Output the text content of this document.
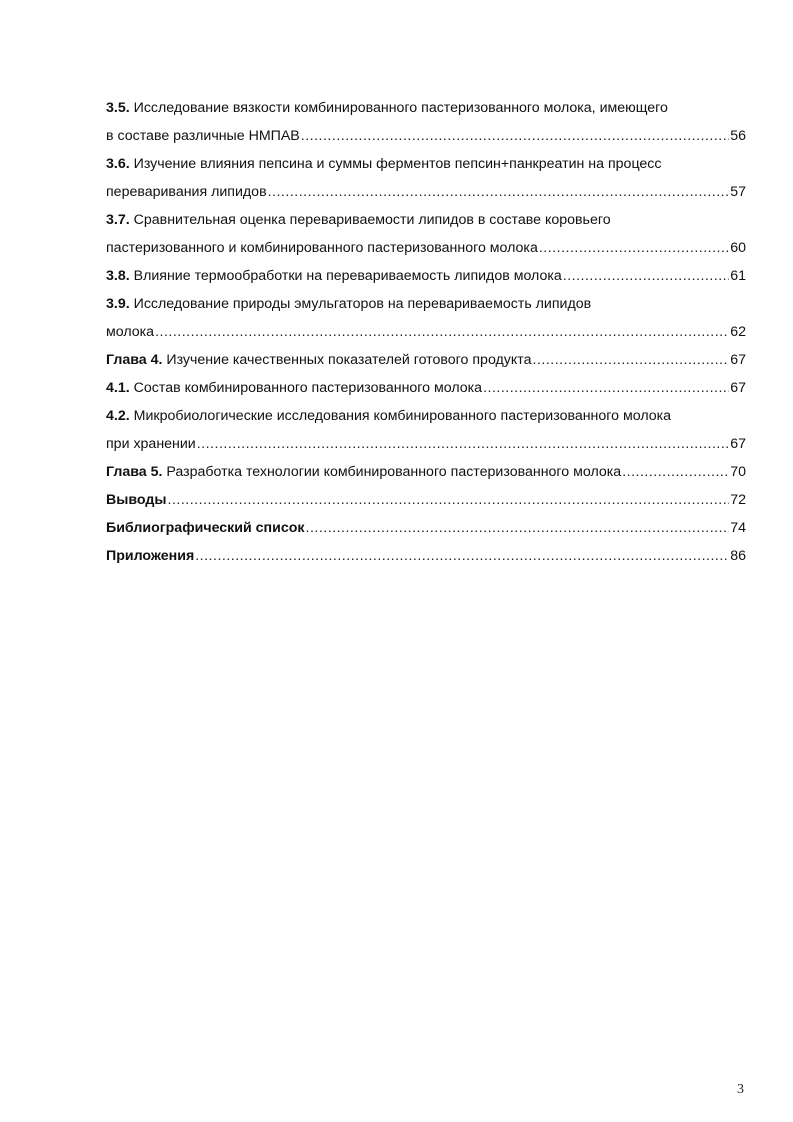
3.5. Исследование вязкости комбинированного пастеризованного молока, имеющего
в составе различные НМПАВ .....	56
3.6. Изучение влияния пепсина и суммы ферментов пепсин+панкреатин на процесс
переваривания липидов .....	57
3.7. Сравнительная оценка перевариваемости липидов в составе коровьего
пастеризованного и комбинированного пастеризованного молока .....	60
3.8. Влияние термообработки на перевариваемость липидов молока .....	61
3.9. Исследование природы эмульгаторов на перевариваемость липидов
молока .....	62
Глава 4. Изучение качественных показателей готового продукта .....	67
4.1. Состав комбинированного пастеризованного молока .....	67
4.2. Микробиологические исследования комбинированного пастеризованного молока
при хранении .....	67
Глава 5. Разработка технологии комбинированного пастеризованного молока .....	70
Выводы .....	72
Библиографический список .....	74
Приложения .....	86
3
